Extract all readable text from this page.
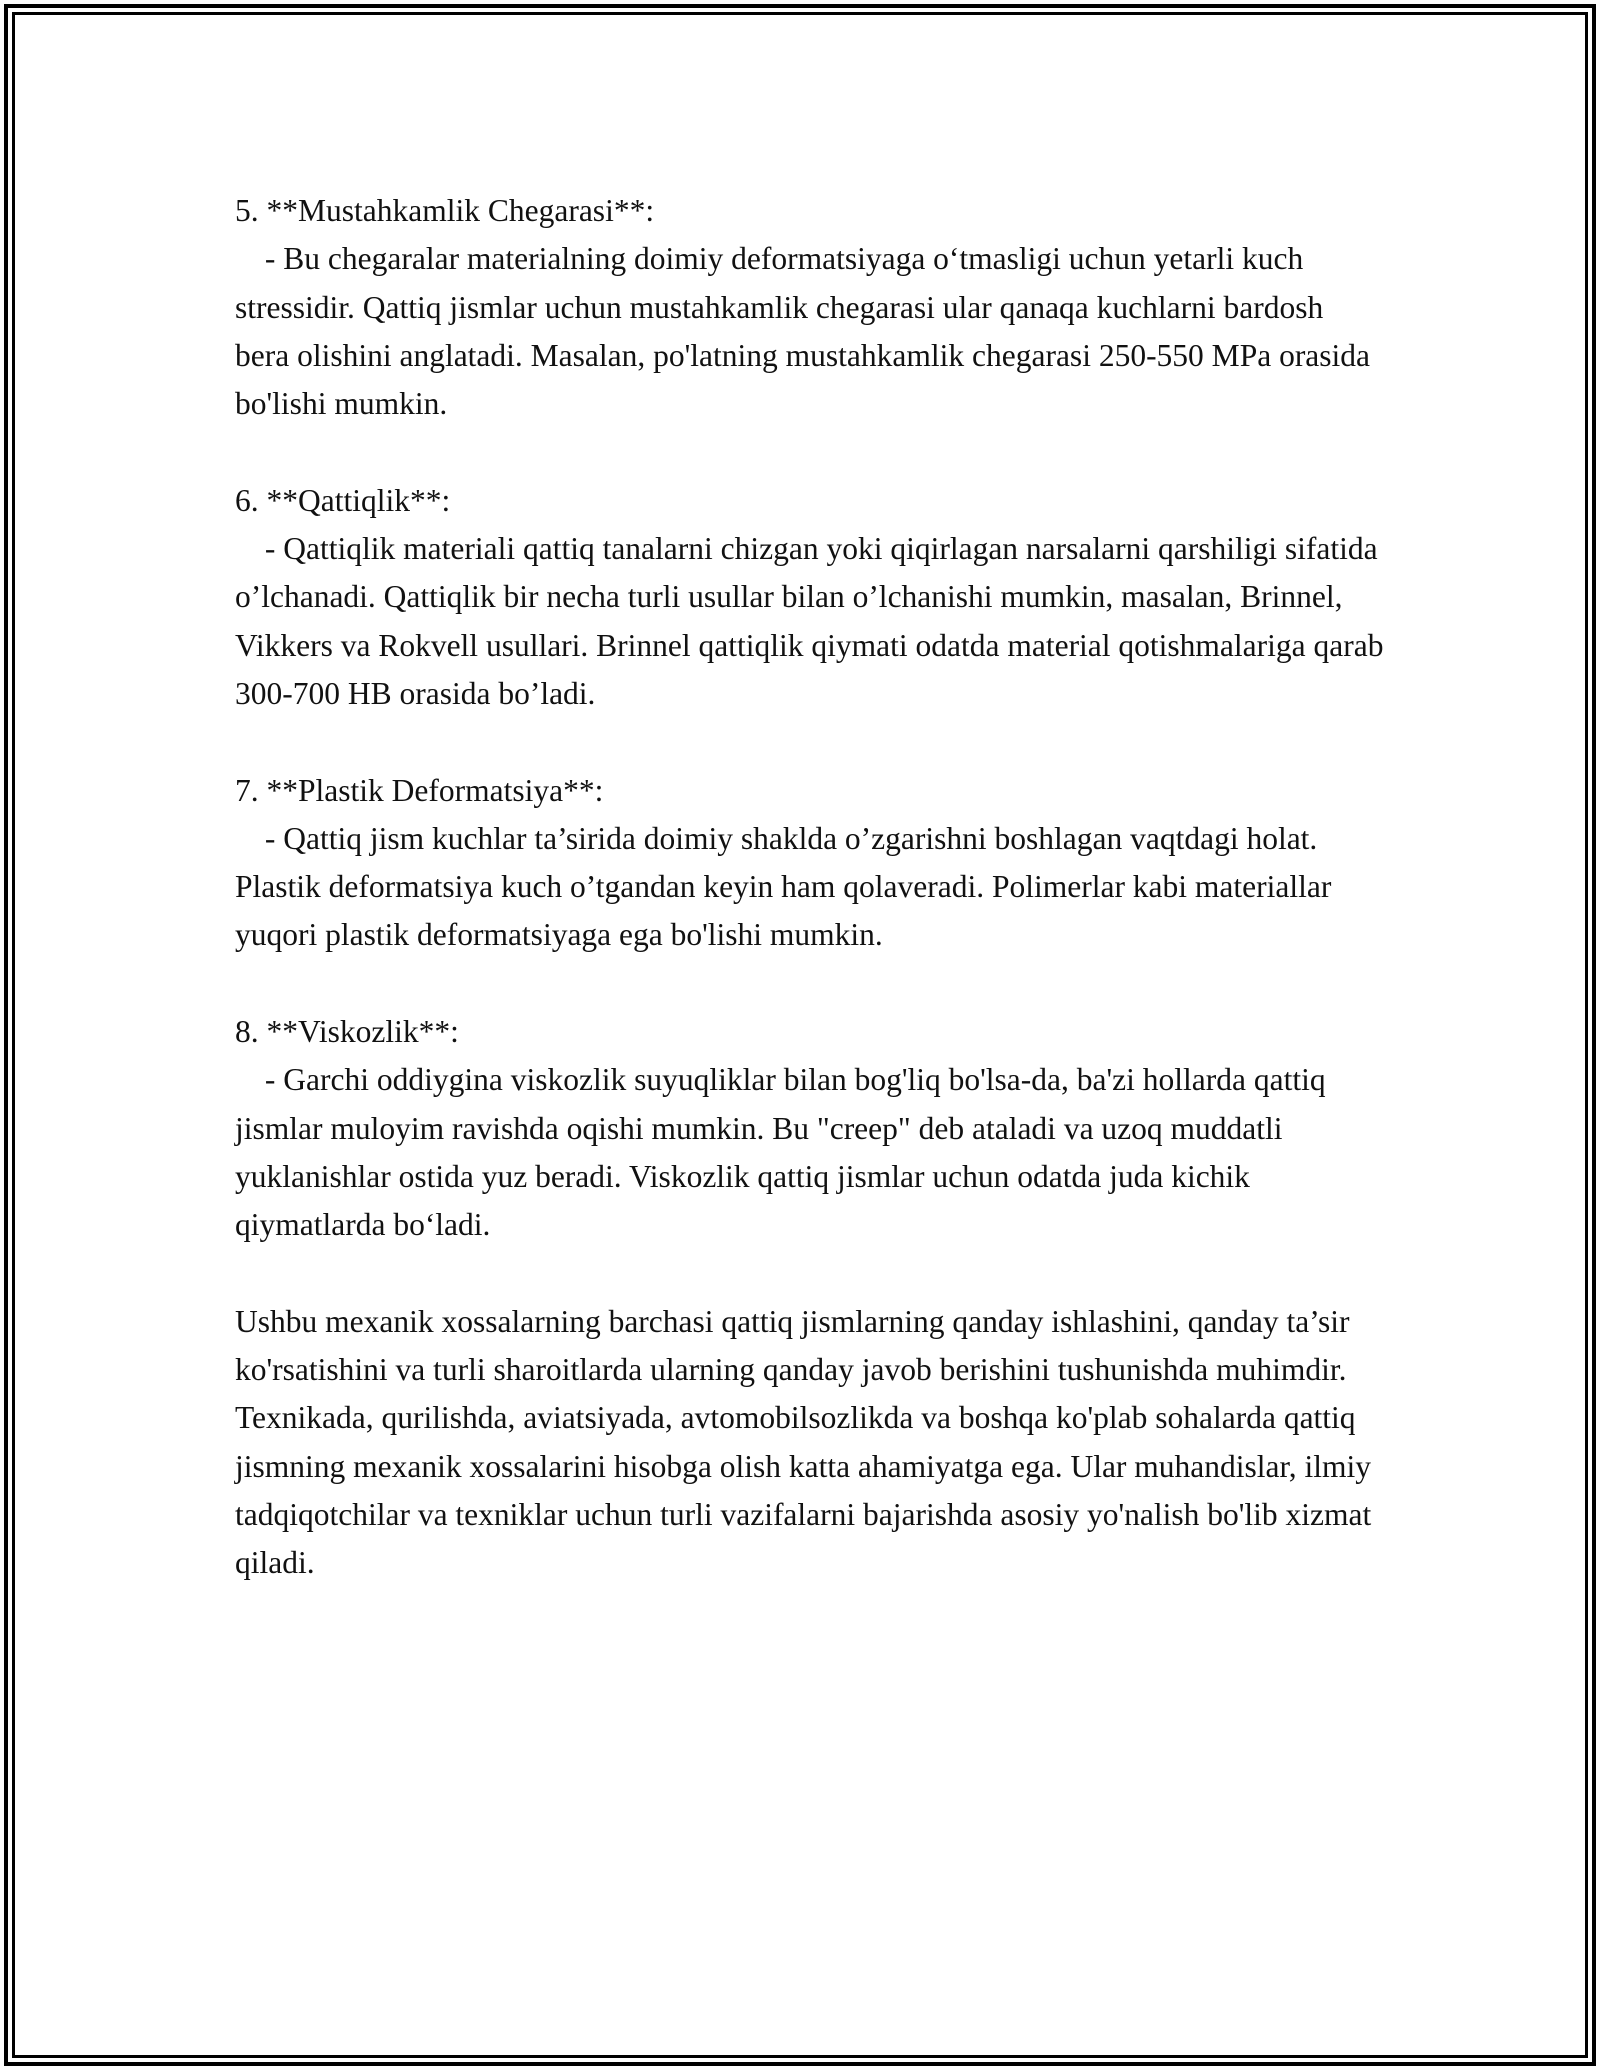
5. **Mustahkamlik Chegarasi**:

- Bu chegaralar materialning doimiy deformatsiyaga o‘tmasligi uchun yetarli kuch stressidir. Qattiq jismlar uchun mustahkamlik chegarasi ular qanaqa kuchlarni bardosh bera olishini anglatadi. Masalan, po'latning mustahkamlik chegarasi 250-550 MPa orasida bo'lishi mumkin.

6. **Qattiqlik**:

- Qattiqlik materiali qattiq tanalarni chizgan yoki qiqirlagan narsalarni qarshiligi sifatida o’lchanadi. Qattiqlik bir necha turli usullar bilan o’lchanishi mumkin, masalan, Brinnel, Vikkers va Rokvell usullari. Brinnel qattiqlik qiymati odatda material qotishmalariga qarab 300-700 HB orasida bo’ladi.

7. **Plastik Deformatsiya**:

- Qattiq jism kuchlar ta’sirida doimiy shaklda o’zgarishni boshlagan vaqtdagi holat. Plastik deformatsiya kuch o’tgandan keyin ham qolaveradi. Polimerlar kabi materiallar yuqori plastik deformatsiyaga ega bo'lishi mumkin.

8. **Viskozlik**:

- Garchi oddiygina viskozlik suyuqliklar bilan bog'liq bo'lsa-da, ba'zi hollarda qattiq jismlar muloyim ravishda oqishi mumkin. Bu "creep" deb ataladi va uzoq muddatli yuklanishlar ostida yuz beradi. Viskozlik qattiq jismlar uchun odatda juda kichik qiymatlarda bo‘ladi.

Ushbu mexanik xossalarning barchasi qattiq jismlarning qanday ishlashini, qanday ta’sir ko'rsatishini va turli sharoitlarda ularning qanday javob berishini tushunishda muhimdir. Texnikada, qurilishda, aviatsiyada, avtomobilsozlikda va boshqa ko'plab sohalarda qattiq jismning mexanik xossalarini hisobga olish katta ahamiyatga ega. Ular muhandislar, ilmiy tadqiqotchilar va texniklar uchun turli vazifalarni bajarishda asosiy yo'nalish bo'lib xizmat qiladi.
